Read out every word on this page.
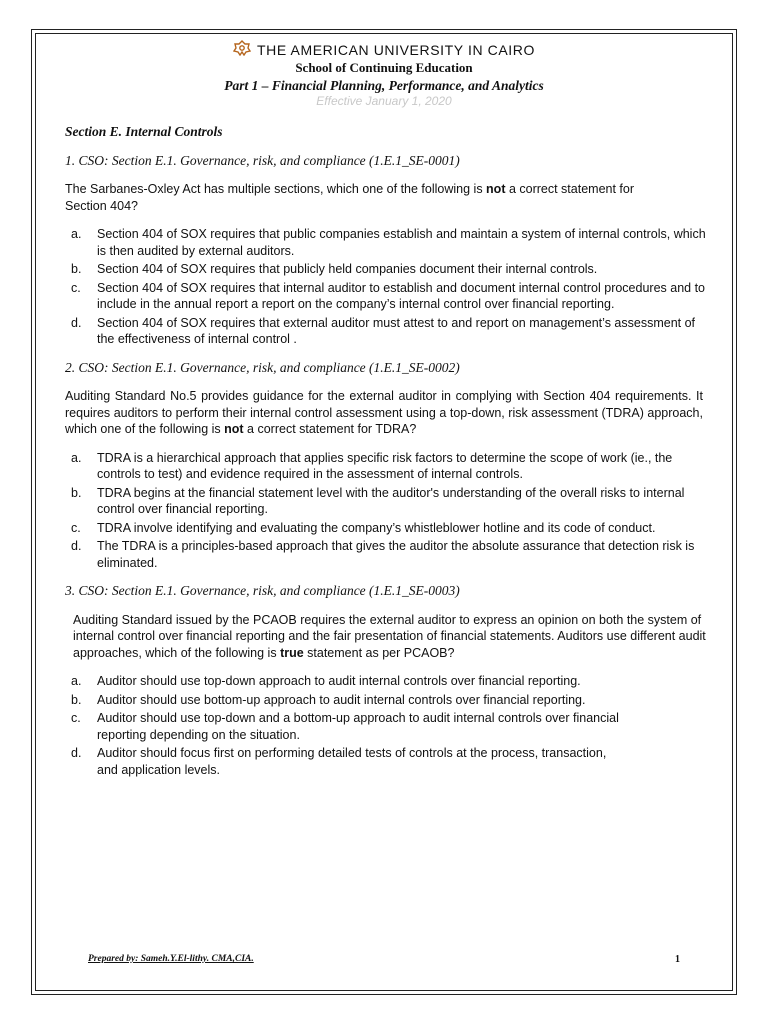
THE AMERICAN UNIVERSITY IN CAIRO
School of Continuing Education
Part 1 – Financial Planning, Performance, and Analytics
Effective January 1, 2020
Section E. Internal Controls
1. CSO: Section E.1. Governance, risk, and compliance (1.E.1_SE-0001)
The Sarbanes-Oxley Act has multiple sections, which one of the following is not a correct statement for Section 404?
a. Section 404 of SOX requires that public companies establish and maintain a system of internal controls, which is then audited by external auditors.
b. Section 404 of SOX requires that publicly held companies document their internal controls.
c. Section 404 of SOX requires that internal auditor to establish and document internal control procedures and to include in the annual report a report on the company’s internal control over financial reporting.
d. Section 404 of SOX requires that external auditor must attest to and report on management’s assessment of the effectiveness of internal control .
2. CSO: Section E.1. Governance, risk, and compliance (1.E.1_SE-0002)
Auditing Standard No.5 provides guidance for the external auditor in complying with Section 404 requirements. It requires auditors to perform their internal control assessment using a top-down, risk assessment (TDRA) approach, which one of the following is not a correct statement for TDRA?
a. TDRA is a hierarchical approach that applies specific risk factors to determine the scope of work (ie., the controls to test) and evidence required in the assessment of internal controls.
b. TDRA begins at the financial statement level with the auditor's understanding of the overall risks to internal control over financial reporting.
c. TDRA involve identifying and evaluating the company’s whistleblower hotline and its code of conduct.
d. The TDRA is a principles-based approach that gives the auditor the absolute assurance that detection risk is eliminated.
3. CSO: Section E.1. Governance, risk, and compliance (1.E.1_SE-0003)
Auditing Standard issued by the PCAOB requires the external auditor to express an opinion on both the system of internal control over financial reporting and the fair presentation of financial statements. Auditors use different audit approaches, which of the following is true statement as per PCAOB?
a. Auditor should use top-down approach to audit internal controls over financial reporting.
b. Auditor should use bottom-up approach to audit internal controls over financial reporting.
c. Auditor should use top-down and a bottom-up approach to audit internal controls over financial reporting depending on the situation.
d. Auditor should focus first on performing detailed tests of controls at the process, transaction, and application levels.
Prepared by: Sameh.Y.El-lithy. CMA,CIA.	1
